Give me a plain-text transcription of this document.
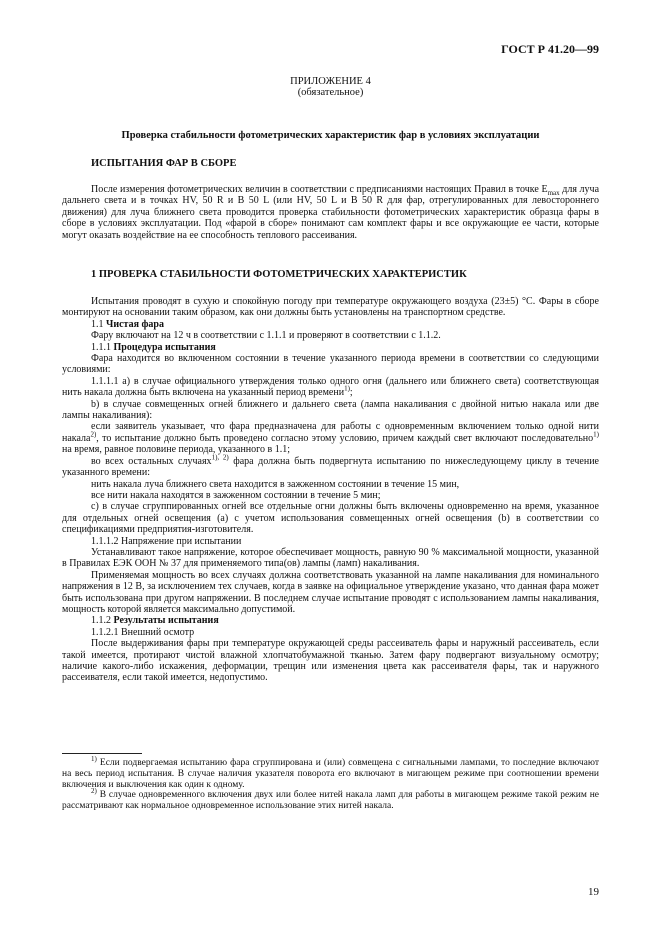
ГОСТ Р 41.20—99
ПРИЛОЖЕНИЕ 4
(обязательное)
Проверка стабильности фотометрических характеристик фар в условиях эксплуатации
ИСПЫТАНИЯ ФАР В СБОРЕ

После измерения фотометрических величин в соответствии с предписаниями настоящих Правил в точке $E_{max}$ для луча дальнего света и в точках HV, 50 R и B 50 L (или HV, 50 L и B 50 R для фар, отрегулированных для левостороннего движения) для луча ближнего света проводится проверка стабильности фотометрических характеристик образца фары в сборе в условиях эксплуатации. Под «фарой в сборе» понимают сам комплект фары и все окружающие ее части, которые могут оказать воздействие на ее способность теплового рассеивания.

1 ПРОВЕРКА СТАБИЛЬНОСТИ ФОТОМЕТРИЧЕСКИХ ХАРАКТЕРИСТИК

Испытания проводят в сухую и спокойную погоду при температуре окружающего воздуха (23±5) °С. Фары в сборе монтируют на основании таким образом, как они должны быть установлены на транспортном средстве.

1.1 Чистая фара

Фару включают на 12 ч в соответствии с 1.1.1 и проверяют в соответствии с 1.1.2.

1.1.1 Процедура испытания

Фара находится во включенном состоянии в течение указанного периода времени в соответствии со следующими условиями:

1.1.1.1 а) в случае официального утверждения только одного огня (дальнего или ближнего света) соответствующая нить накала должна быть включена на указанный период времени$^{1)}$;

b) в случае совмещенных огней ближнего и дальнего света (лампа накаливания с двойной нитью накала или две лампы накаливания):

если заявитель указывает, что фара предназначена для работы с одновременным включением только одной нити накала$^{2)}$, то испытание должно быть проведено согласно этому условию, причем каждый свет включают последовательно$^{1)}$ на время, равное половине периода, указанного в 1.1;

во всех остальных случаях$^{1), 2)}$ фара должна быть подвергнута испытанию по нижеследующему циклу в течение указанного времени:

нить накала луча ближнего света находится в зажженном состоянии в течение 15 мин,

все нити накала находятся в зажженном состоянии в течение 5 мин;

с) в случае сгруппированных огней все отдельные огни должны быть включены одновременно на время, указанное для отдельных огней освещения (а) с учетом использования совмещенных огней освещения (b) в соответствии со спецификациями предприятия-изготовителя.

1.1.1.2 Напряжение при испытании

Устанавливают такое напряжение, которое обеспечивает мощность, равную 90 % максимальной мощности, указанной в Правилах ЕЭК ООН № 37 для применяемого типа(ов) лампы (ламп) накаливания.

Применяемая мощность во всех случаях должна соответствовать указанной на лампе накаливания для номинального напряжения в 12 В, за исключением тех случаев, когда в заявке на официальное утверждение указано, что данная фара может быть использована при другом напряжении. В последнем случае испытание проводят с использованием лампы накаливания, мощность которой является максимально допустимой.

1.1.2 Результаты испытания

1.1.2.1 Внешний осмотр

После выдерживания фары при температуре окружающей среды рассеиватель фары и наружный рассеиватель, если такой имеется, протирают чистой влажной хлопчатобумажной тканью. Затем фару подвергают визуальному осмотру; наличие какого-либо искажения, деформации, трещин или изменения цвета как рассеивателя фары, так и наружного рассеивателя, если такой имеется, недопустимо.

$^{1)}$ Если подвергаемая испытанию фара сгруппирована и (или) совмещена с сигнальными лампами, то последние включают на весь период испытания. В случае наличия указателя поворота его включают в мигающем режиме при соотношении времени включения и выключения как один к одному.

$^{2)}$ В случае одновременного включения двух или более нитей накала ламп для работы в мигающем режиме такой режим не рассматривают как нормальное одновременное использование этих нитей накала.

19
